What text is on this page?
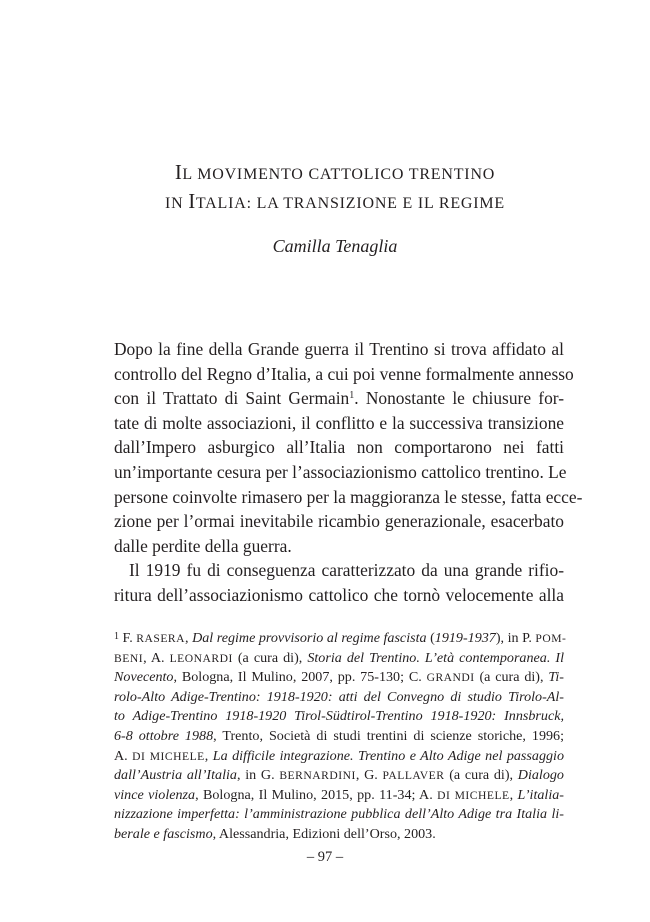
IL MOVIMENTO CATTOLICO TRENTINO
IN ITALIA: LA TRANSIZIONE E IL REGIME
Camilla Tenaglia
Dopo la fine della Grande guerra il Trentino si trova affidato al
controllo del Regno d’Italia, a cui poi venne formalmente annesso
con il Trattato di Saint Germain$^1$. Nonostante le chiusure for-
tate di molte associazioni, il conflitto e la successiva transizione
dall’Impero asburgico all’Italia non comportarono nei fatti
un’importante cesura per l’associazionismo cattolico trentino. Le
persone coinvolte rimasero per la maggioranza le stesse, fatta ecce-
zione per l’ormai inevitabile ricambio generazionale, esacerbato
dalle perdite della guerra.
Il 1919 fu di conseguenza caratterizzato da una grande rifio-
ritura dell’associazionismo cattolico che tornò velocemente alla
$^1$ F. RASERA, Dal regime provvisorio al regime fascista (1919-1937), in P. POM-
BENI, A. LEONARDI (a cura di), Storia del Trentino. L’età contemporanea. Il
Novecento, Bologna, Il Mulino, 2007, pp. 75-130; C. GRANDI (a cura di), Ti-
rolo-Alto Adige-Trentino: 1918-1920: atti del Convegno di studio Tirolo-Al-
to Adige-Trentino 1918-1920 Tirol-Südtirol-Trentino 1918-1920: Innsbruck,
6-8 ottobre 1988, Trento, Società di studi trentini di scienze storiche, 1996;
A. DI MICHELE, La difficile integrazione. Trentino e Alto Adige nel passaggio
dall’Austria all’Italia, in G. BERNARDINI, G. PALLAVER (a cura di), Dialogo
vince violenza, Bologna, Il Mulino, 2015, pp. 11-34; A. DI MICHELE, L’italia-
nizzazione imperfetta: l’amministrazione pubblica dell’Alto Adige tra Italia li-
berale e fascismo, Alessandria, Edizioni dell’Orso, 2003.
– 97 –
